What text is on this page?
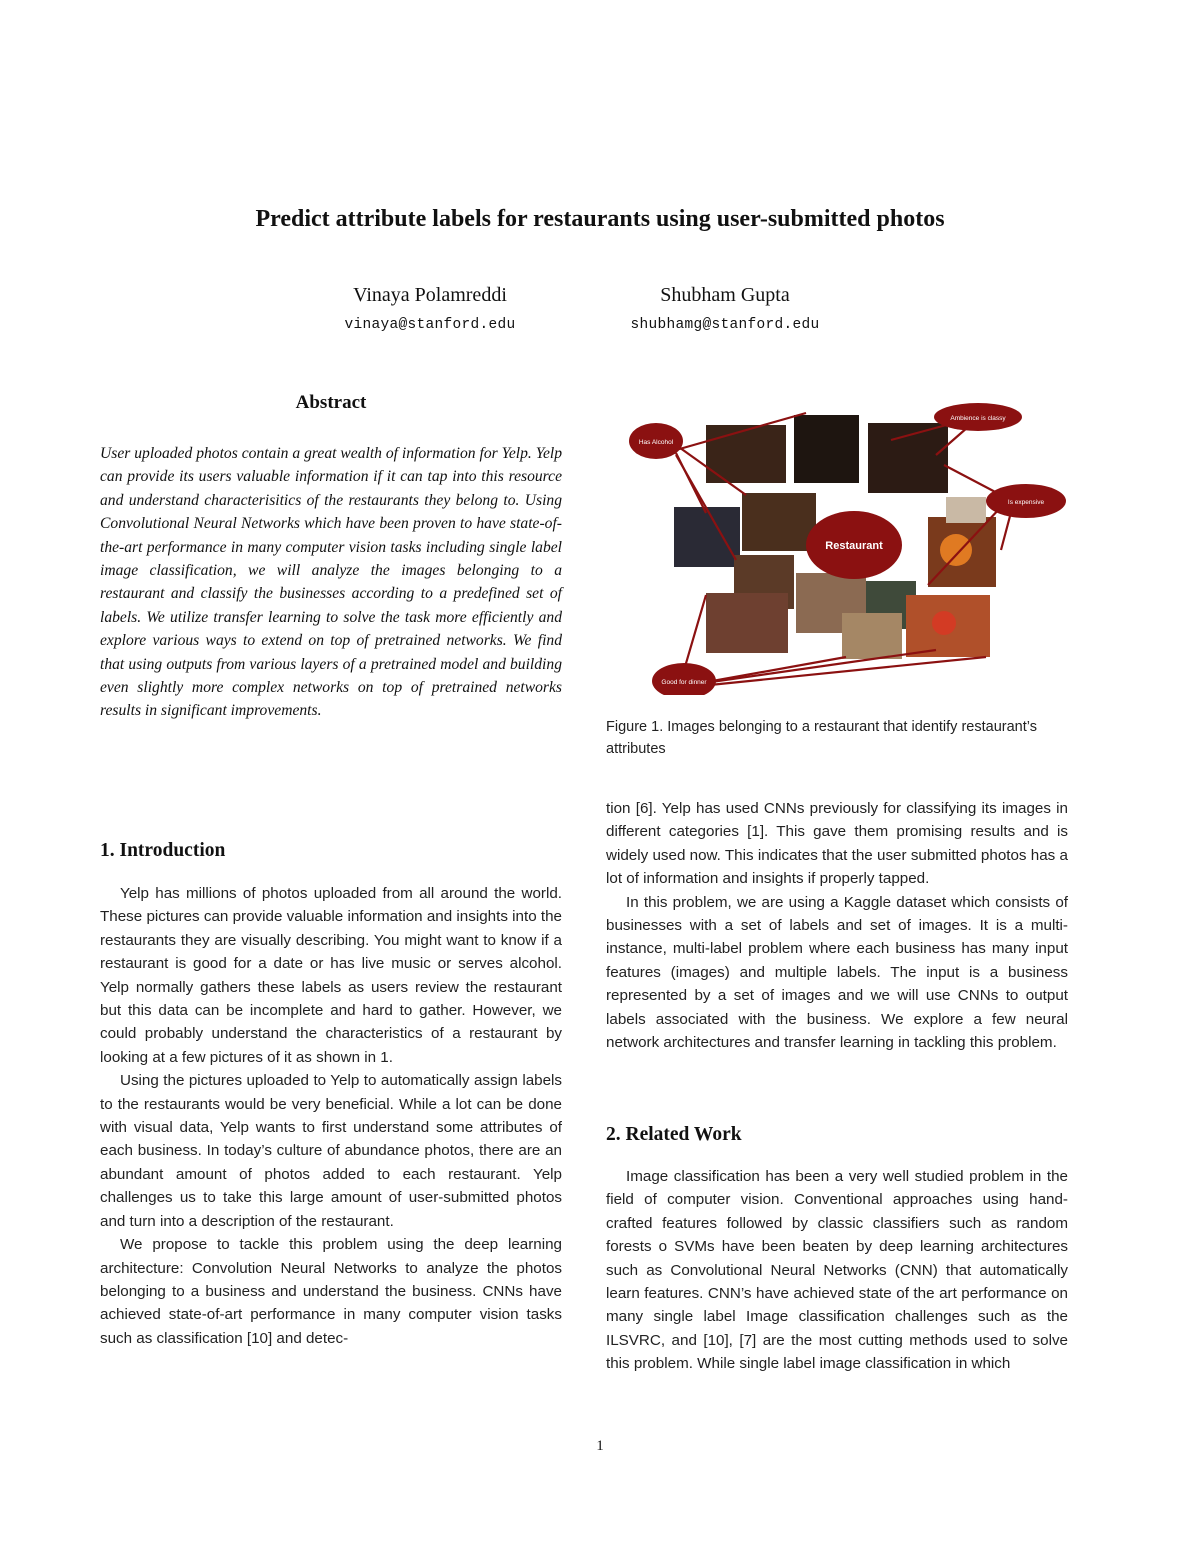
Predict attribute labels for restaurants using user-submitted photos
Vinaya Polamreddi
vinaya@stanford.edu
Shubham Gupta
shubhamg@stanford.edu
Abstract

User uploaded photos contain a great wealth of information for Yelp. Yelp can provide its users valuable information if it can tap into this resource and understand characterisitics of the restaurants they belong to. Using Convolutional Neural Networks which have been proven to have state-of-the-art performance in many computer vision tasks including single label image classification, we will analyze the images belonging to a restaurant and classify the businesses according to a predefined set of labels. We utilize transfer learning to solve the task more efficiently and explore various ways to extend on top of pretrained networks. We find that using outputs from various layers of a pretrained model and building even slightly more complex networks on top of pretrained networks results in significant improvements.

1. Introduction

Yelp has millions of photos uploaded from all around the world. These pictures can provide valuable information and insights into the restaurants they are visually describing. You might want to know if a restaurant is good for a date or has live music or serves alcohol. Yelp normally gathers these labels as users review the restaurant but this data can be incomplete and hard to gather. However, we could probably understand the characteristics of a restaurant by looking at a few pictures of it as shown in 1.

Using the pictures uploaded to Yelp to automatically assign labels to the restaurants would be very beneficial. While a lot can be done with visual data, Yelp wants to first understand some attributes of each business. In today’s culture of abundance photos, there are an abundant amount of photos added to each restaurant. Yelp challenges us to take this large amount of user-submitted photos and turn into a description of the restaurant.

We propose to tackle this problem using the deep learning architecture: Convolution Neural Networks to analyze the photos belonging to a business and understand the business. CNNs have achieved state-of-art performance in many computer vision tasks such as classification [10] and detec-

Restaurant
Has Alcohol
Ambience is classy
Is expensive
Good for dinner

Figure 1. Images belonging to a restaurant that identify restaurant’s attributes

tion [6]. Yelp has used CNNs previously for classifying its images in different categories [1]. This gave them promising results and is widely used now. This indicates that the user submitted photos has a lot of information and insights if properly tapped.

In this problem, we are using a Kaggle dataset which consists of businesses with a set of labels and set of images. It is a multi-instance, multi-label problem where each business has many input features (images) and multiple labels. The input is a business represented by a set of images and we will use CNNs to output labels associated with the business. We explore a few neural network architectures and transfer learning in tackling this problem.

2. Related Work

Image classification has been a very well studied problem in the field of computer vision. Conventional approaches using hand-crafted features followed by classic classifiers such as random forests o SVMs have been beaten by deep learning architectures such as Convolutional Neural Networks (CNN) that automatically learn features. CNN’s have achieved state of the art performance on many single label Image classification challenges such as the ILSVRC, and [10], [7] are the most cutting methods used to solve this problem. While single label image classification in which

1
